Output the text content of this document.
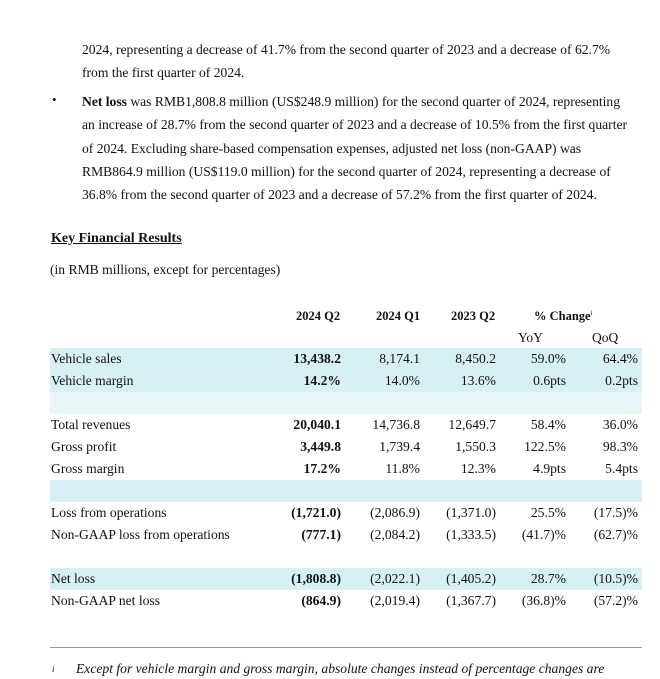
2024, representing a decrease of 41.7% from the second quarter of 2023 and a decrease of 62.7%
from the first quarter of 2024.
• Net loss was RMB1,808.8 million (US$248.9 million) for the second quarter of 2024, representing
an increase of 28.7% from the second quarter of 2023 and a decrease of 10.5% from the first quarter
of 2024. Excluding share-based compensation expenses, adjusted net loss (non-GAAP) was
RMB864.9 million (US$119.0 million) for the second quarter of 2024, representing a decrease of
36.8% from the second quarter of 2023 and a decrease of 57.2% from the first quarter of 2024.
Key Financial Results
(in RMB millions, except for percentages)
2024 Q2	2024 Q1 2023 Q2	% Change$^i$
YoY	QoQ
Vehicle sales	13,438.2	8,174.1	8,450.2	59.0%	64.4%
Vehicle margin	14.2%	14.0%	13.6%	0.6pts	0.2pts
Total revenues	20,040.1 14,736.8 12,649.7	58.4%	36.0%
Gross profit	3,449.8	1,739.4	1,550.3 122.5%	98.3%
Gross margin	17.2%	11.8%	12.3%	4.9pts	5.4pts
Loss from operations	(1,721.0) (2,086.9) (1,371.0)	25.5% (17.5)%
Non-GAAP loss from operations	(777.1) (2,084.2) (1,333.5) (41.7)% (62.7)%
Net loss	(1,808.8) (2,022.1) (1,405.2)	28.7% (10.5)%
Non-GAAP net loss	(864.9) (2,019.4) (1,367.7) (36.8)% (57.2)%
i Except for vehicle margin and gross margin, absolute changes instead of percentage changes are
